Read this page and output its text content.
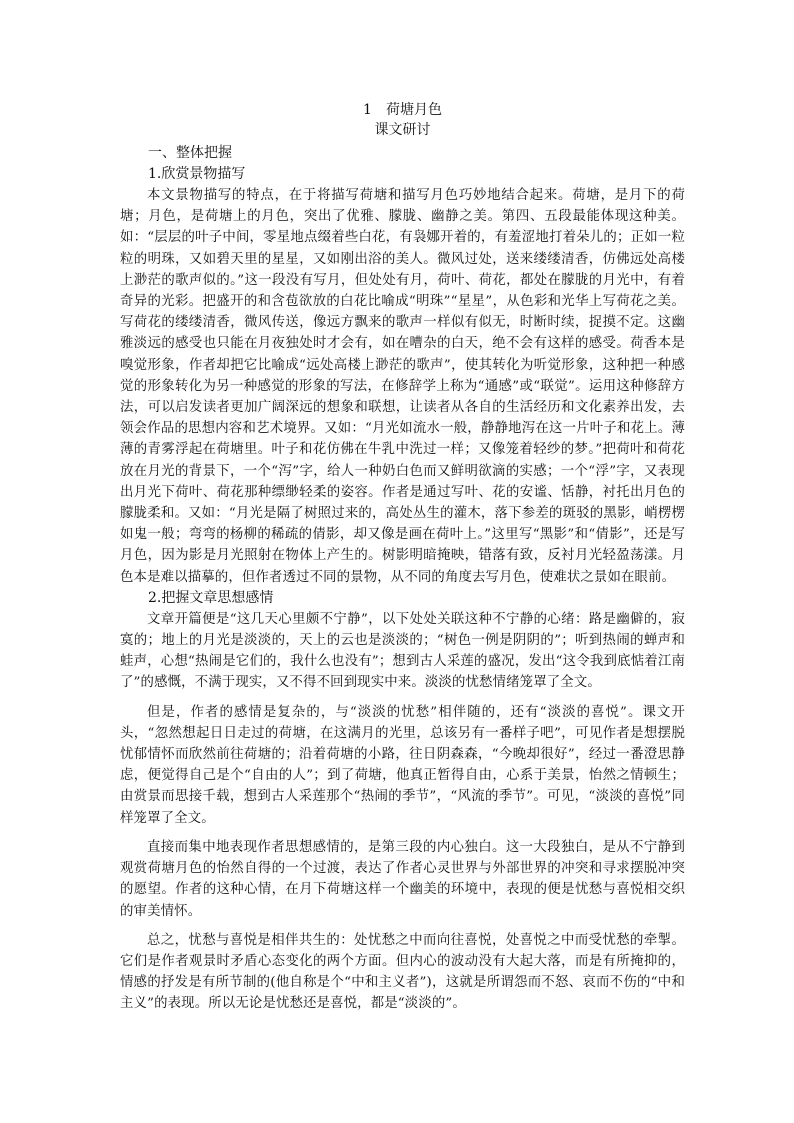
1　荷塘月色

课文研讨

一、整体把握

1.欣赏景物描写

本文景物描写的特点，在于将描写荷塘和描写月色巧妙地结合起来。荷塘，是月下的荷塘；月色，是荷塘上的月色，突出了优雅、朦胧、幽静之美。第四、五段最能体现这种美。如：“层层的叶子中间，零星地点缀着些白花，有袅娜开着的，有羞涩地打着朵儿的；正如一粒粒的明珠，又如碧天里的星星，又如刚出浴的美人。微风过处，送来缕缕清香，仿佛远处高楼上渺茫的歌声似的。”这一段没有写月，但处处有月，荷叶、荷花，都处在朦胧的月光中，有着奇异的光彩。把盛开的和含苞欲放的白花比喻成“明珠”“星星”，从色彩和光华上写荷花之美。写荷花的缕缕清香，微风传送，像远方飘来的歌声一样似有似无，时断时续，捉摸不定。这幽雅淡远的感受也只能在月夜独处时才会有，如在嘈杂的白天，绝不会有这样的感受。荷香本是嗅觉形象，作者却把它比喻成“远处高楼上渺茫的歌声”，使其转化为听觉形象，这种把一种感觉的形象转化为另一种感觉的形象的写法，在修辞学上称为“通感”或“联觉”。运用这种修辞方法，可以启发读者更加广阔深远的想象和联想，让读者从各自的生活经历和文化素养出发，去领会作品的思想内容和艺术境界。又如：“月光如流水一般，静静地泻在这一片叶子和花上。薄薄的青雾浮起在荷塘里。叶子和花仿佛在牛乳中洗过一样；又像笼着轻纱的梦。”把荷叶和荷花放在月光的背景下，一个“泻”字，给人一种奶白色而又鲜明欲滴的实感；一个“浮”字，又表现出月光下荷叶、荷花那种缥缈轻柔的姿容。作者是通过写叶、花的安谧、恬静，衬托出月色的朦胧柔和。又如：“月光是隔了树照过来的，高处丛生的灌木，落下参差的斑驳的黑影，峭楞楞如鬼一般；弯弯的杨柳的稀疏的倩影，却又像是画在荷叶上。”这里写“黑影”和“倩影”，还是写月色，因为影是月光照射在物体上产生的。树影明暗掩映，错落有致，反衬月光轻盈荡漾。月色本是难以描摹的，但作者透过不同的景物，从不同的角度去写月色，使难状之景如在眼前。

2.把握文章思想感情

文章开篇便是“这几天心里颇不宁静”，以下处处关联这种不宁静的心绪：路是幽僻的，寂寞的；地上的月光是淡淡的，天上的云也是淡淡的；“树色一例是阴阴的”；听到热闹的蝉声和蛙声，心想“热闹是它们的，我什么也没有”；想到古人采莲的盛况，发出“这令我到底惦着江南了”的感慨，不满于现实，又不得不回到现实中来。淡淡的忧愁情绪笼罩了全文。

但是，作者的感情是复杂的，与“淡淡的忧愁”相伴随的，还有“淡淡的喜悦”。课文开头，“忽然想起日日走过的荷塘，在这满月的光里，总该另有一番样子吧”，可见作者是想摆脱忧郁情怀而欣然前往荷塘的；沿着荷塘的小路，往日阴森森，“今晚却很好”，经过一番澄思静虑，便觉得自己是个“自由的人”；到了荷塘，他真正暂得自由，心系于美景，怡然之情顿生；由赏景而思接千载，想到古人采莲那个“热闹的季节”，“风流的季节”。可见，“淡淡的喜悦”同样笼罩了全文。

直接而集中地表现作者思想感情的，是第三段的内心独白。这一大段独白，是从不宁静到观赏荷塘月色的怡然自得的一个过渡，表达了作者心灵世界与外部世界的冲突和寻求摆脱冲突的愿望。作者的这种心情，在月下荷塘这样一个幽美的环境中，表现的便是忧愁与喜悦相交织的审美情怀。

总之，忧愁与喜悦是相伴共生的：处忧愁之中而向往喜悦，处喜悦之中而受忧愁的牵掣。它们是作者观景时矛盾心态变化的两个方面。但内心的波动没有大起大落，而是有所掩抑的，情感的抒发是有所节制的(他自称是个“中和主义者”)，这就是所谓怨而不怒、哀而不伤的“中和主义”的表现。所以无论是忧愁还是喜悦，都是“淡淡的”。
